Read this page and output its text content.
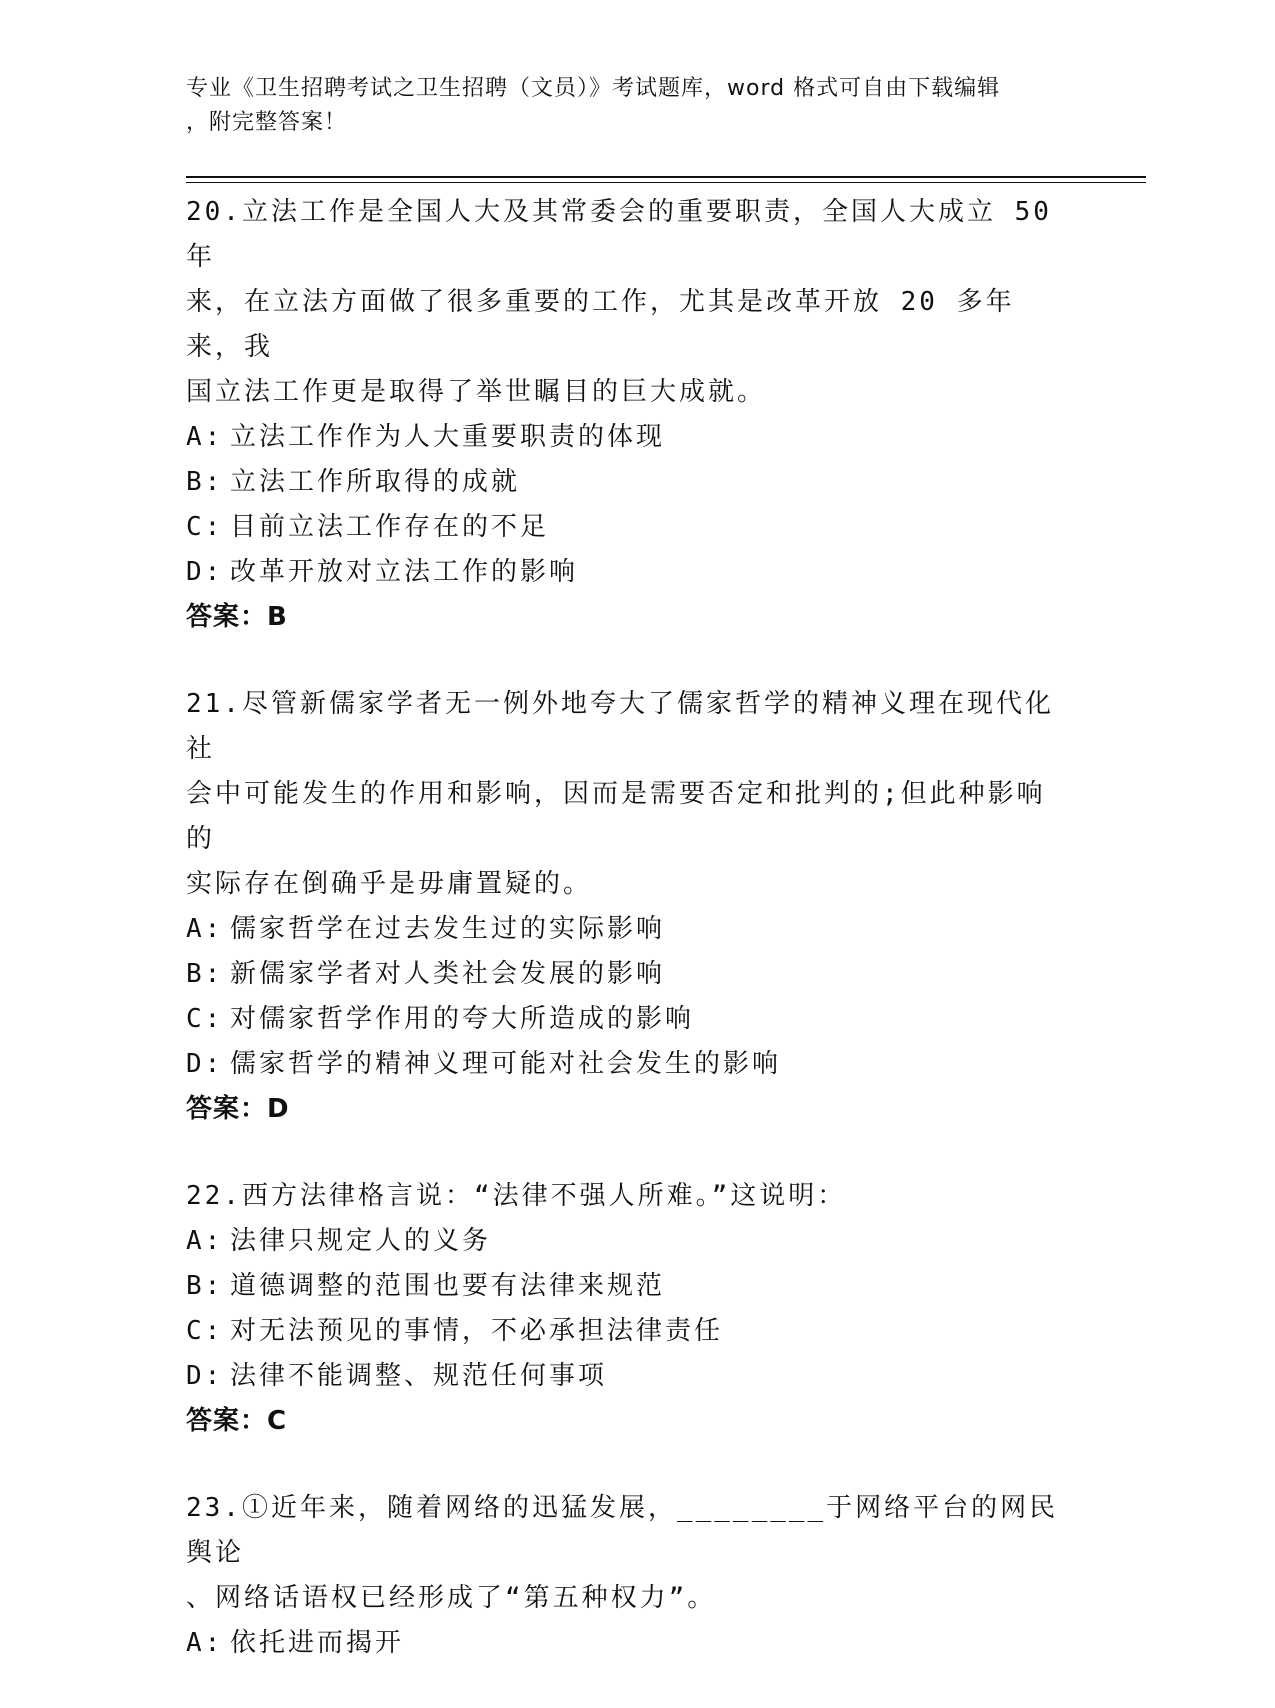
专业《卫生招聘考试之卫生招聘（文员）》考试题库，word 格式可自由下载编辑
，附完整答案！
20.立法工作是全国人大及其常委会的重要职责，全国人大成立 50 年
来，在立法方面做了很多重要的工作，尤其是改革开放 20 多年来，我
国立法工作更是取得了举世瞩目的巨大成就。
A: 立法工作作为人大重要职责的体现
B: 立法工作所取得的成就
C: 目前立法工作存在的不足
D: 改革开放对立法工作的影响
答案：B
21.尽管新儒家学者无一例外地夸大了儒家哲学的精神义理在现代化社
会中可能发生的作用和影响，因而是需要否定和批判的;但此种影响的
实际存在倒确乎是毋庸置疑的。
A: 儒家哲学在过去发生过的实际影响
B: 新儒家学者对人类社会发展的影响
C: 对儒家哲学作用的夸大所造成的影响
D: 儒家哲学的精神义理可能对社会发生的影响
答案：D
22.西方法律格言说：“法律不强人所难。”这说明：
A: 法律只规定人的义务
B: 道德调整的范围也要有法律来规范
C: 对无法预见的事情，不必承担法律责任
D: 法律不能调整、规范任何事项
答案：C
23.①近年来，随着网络的迅猛发展，________于网络平台的网民舆论
、网络话语权已经形成了“第五种权力”。
A: 依托进而揭开
